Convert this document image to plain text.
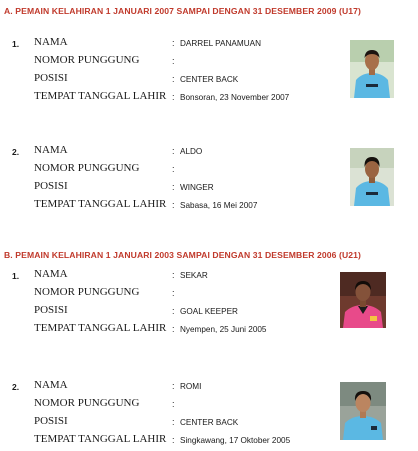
A. PEMAIN KELAHIRAN 1 JANUARI 2007 SAMPAI DENGAN 31 DESEMBER 2009 (U17)
1. NAMA	: DARREL PANAMUAN
NOMOR PUNGGUNG	:
POSISI	: CENTER BACK
TEMPAT TANGGAL LAHIR : Bonsoran, 23 November 2007
2. NAMA	: ALDO
NOMOR PUNGGUNG	:
POSISI	: WINGER
TEMPAT TANGGAL LAHIR : Sabasa, 16 Mei 2007
B. PEMAIN KELAHIRAN 1 JANUARI 2003 SAMPAI DENGAN 31 DESEMBER 2006 (U21)
1. NAMA	: SEKAR
NOMOR PUNGGUNG	:
POSISI	: GOAL KEEPER
TEMPAT TANGGAL LAHIR : Nyempen, 25 Juni 2005
2. NAMA	: ROMI
NOMOR PUNGGUNG	:
POSISI	: CENTER BACK
TEMPAT TANGGAL LAHIR : Singkawang, 17 Oktober 2005
